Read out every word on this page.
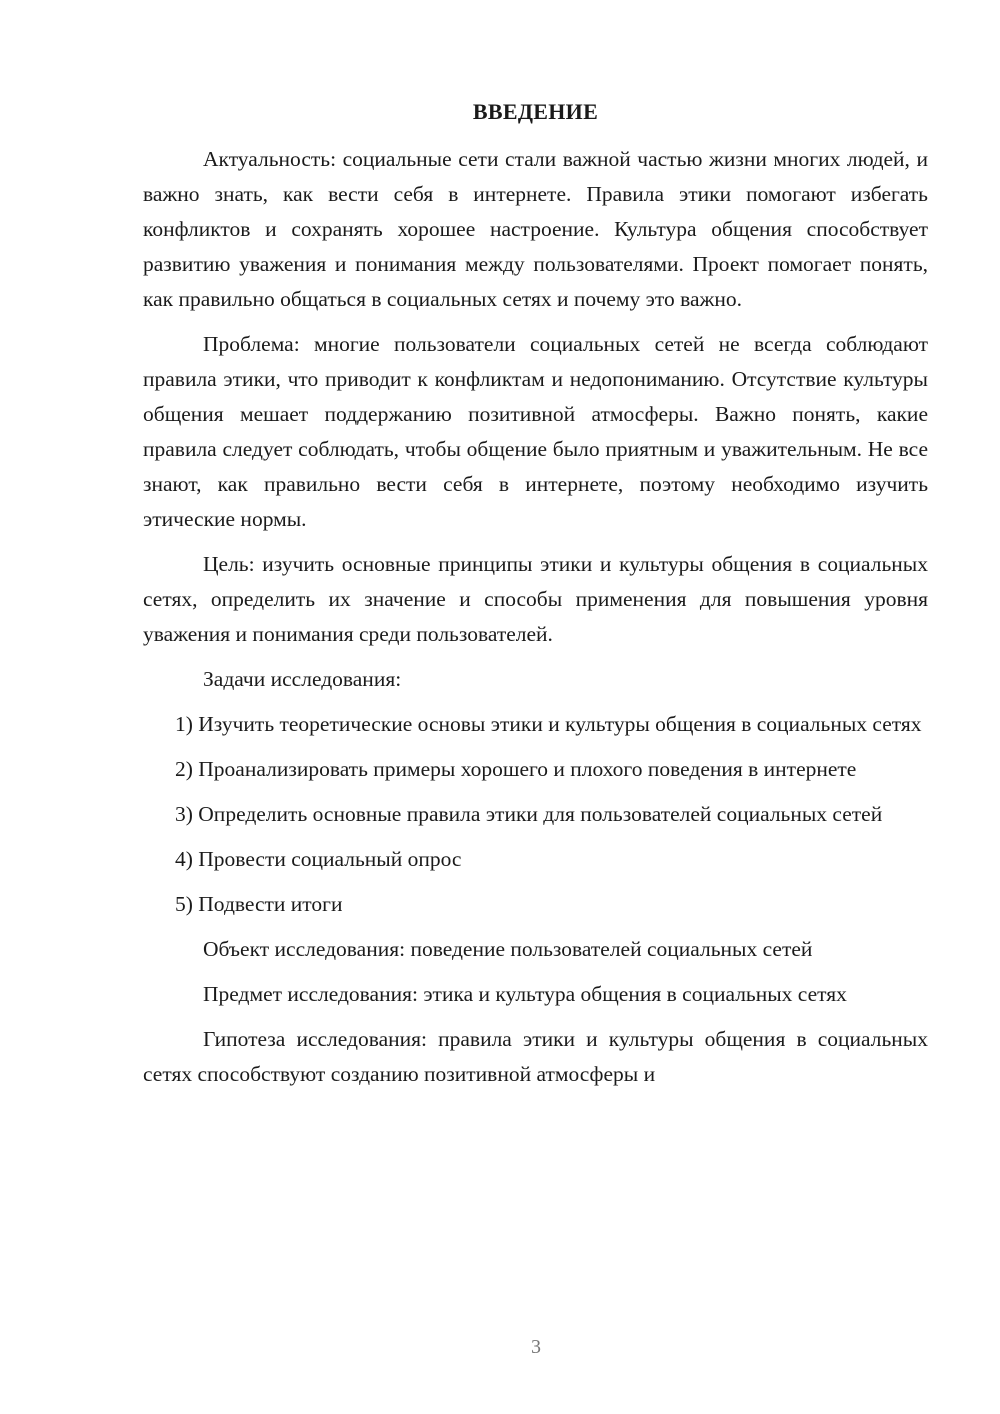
ВВЕДЕНИЕ

Актуальность: социальные сети стали важной частью жизни многих людей, и важно знать, как вести себя в интернете. Правила этики помогают избегать конфликтов и сохранять хорошее настроение. Культура общения способствует развитию уважения и понимания между пользователями. Проект помогает понять, как правильно общаться в социальных сетях и почему это важно.

Проблема: многие пользователи социальных сетей не всегда соблюдают правила этики, что приводит к конфликтам и недопониманию. Отсутствие культуры общения мешает поддержанию позитивной атмосферы. Важно понять, какие правила следует соблюдать, чтобы общение было приятным и уважительным. Не все знают, как правильно вести себя в интернете, поэтому необходимо изучить этические нормы.

Цель: изучить основные принципы этики и культуры общения в социальных сетях, определить их значение и способы применения для повышения уровня уважения и понимания среди пользователей.

Задачи исследования:

1) Изучить теоретические основы этики и культуры общения в социальных сетях

2) Проанализировать примеры хорошего и плохого поведения в интернете

3) Определить основные правила этики для пользователей социальных сетей

4) Провести социальный опрос

5) Подвести итоги

Объект исследования: поведение пользователей социальных сетей

Предмет исследования: этика и культура общения в социальных сетях

Гипотеза исследования: правила этики и культуры общения в социальных сетях способствуют созданию позитивной атмосферы и

3
